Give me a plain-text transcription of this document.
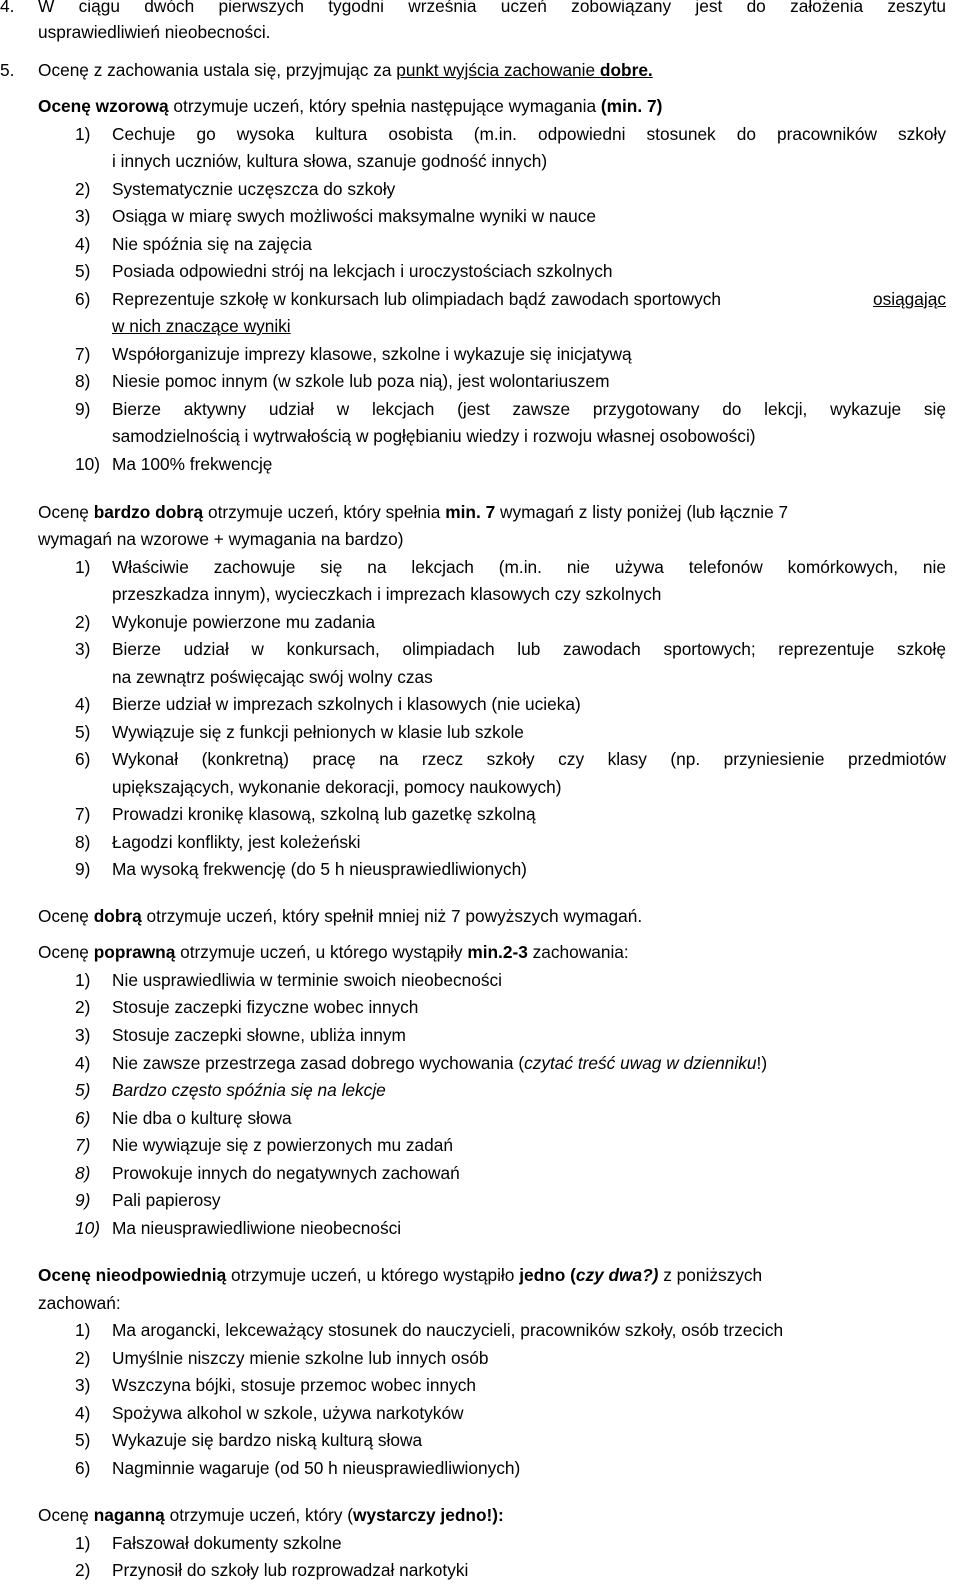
4. W ciągu dwóch pierwszych tygodni września uczeń zobowiązany jest do założenia zeszytu
usprawiedliwień nieobecności.
5. Ocenę z zachowania ustala się, przyjmując za punkt wyjścia zachowanie dobre.
Ocenę wzorową otrzymuje uczeń, który spełnia następujące wymagania (min. 7)
1) Cechuje go wysoka kultura osobista (m.in. odpowiedni stosunek do pracowników szkoły
i innych uczniów, kultura słowa, szanuje godność innych)
2) Systematycznie uczęszcza do szkoły
3) Osiąga w miarę swych możliwości maksymalne wyniki w nauce
4) Nie spóźnia się na zajęcia
5) Posiada odpowiedni strój na lekcjach i uroczystościach szkolnych
6) Reprezentuje szkołę w konkursach lub olimpiadach bądź zawodach sportowych	osiągając
w nich znaczące wyniki
7) Współorganizuje imprezy klasowe, szkolne i wykazuje się inicjatywą
8) Niesie pomoc innym (w szkole lub poza nią), jest wolontariuszem
9) Bierze aktywny udział w lekcjach (jest zawsze przygotowany do lekcji, wykazuje się
samodzielnością i wytrwałością w pogłębianiu wiedzy i rozwoju własnej osobowości)
10) Ma 100% frekwencję
Ocenę bardzo dobrą otrzymuje uczeń, który spełnia min. 7 wymagań z listy poniżej (lub łącznie 7
wymagań na wzorowe + wymagania na bardzo)
1) Właściwie zachowuje się na lekcjach (m.in. nie używa telefonów komórkowych, nie
przeszkadza innym), wycieczkach i imprezach klasowych czy szkolnych
2) Wykonuje powierzone mu zadania
3) Bierze udział w konkursach, olimpiadach lub zawodach sportowych; reprezentuje szkołę
na zewnątrz poświęcając swój wolny czas
4) Bierze udział w imprezach szkolnych i klasowych (nie ucieka)
5) Wywiązuje się z funkcji pełnionych w klasie lub szkole
6) Wykonał (konkretną) pracę na rzecz szkoły czy klasy (np. przyniesienie przedmiotów
upiększających, wykonanie dekoracji, pomocy naukowych)
7) Prowadzi kronikę klasową, szkolną lub gazetkę szkolną
8) Łagodzi konflikty, jest koleżeński
9) Ma wysoką frekwencję (do 5 h nieusprawiedliwionych)
Ocenę dobrą otrzymuje uczeń, który spełnił mniej niż 7 powyższych wymagań.
Ocenę poprawną otrzymuje uczeń, u którego wystąpiły min.2-3 zachowania:
1) Nie usprawiedliwia w terminie swoich nieobecności
2) Stosuje zaczepki fizyczne wobec innych
3) Stosuje zaczepki słowne, ubliża innym
4) Nie zawsze przestrzega zasad dobrego wychowania (czytać treść uwag w dzienniku!)
5) Bardzo często spóźnia się na lekcje
6) Nie dba o kulturę słowa
7) Nie wywiązuje się z powierzonych mu zadań
8) Prowokuje innych do negatywnych zachowań
9) Pali papierosy
10) Ma nieusprawiedliwione nieobecności
Ocenę nieodpowiednią otrzymuje uczeń, u którego wystąpiło jedno (czy dwa?) z poniższych
zachowań:
1) Ma arogancki, lekceważący stosunek do nauczycieli, pracowników szkoły, osób trzecich
2) Umyślnie niszczy mienie szkolne lub innych osób
3) Wszczyna bójki, stosuje przemoc wobec innych
4) Spożywa alkohol w szkole, używa narkotyków
5) Wykazuje się bardzo niską kulturą słowa
6) Nagminnie wagaruje (od 50 h nieusprawiedliwionych)
Ocenę naganną otrzymuje uczeń, który (wystarczy jedno!):
1) Fałszował dokumenty szkolne
2) Przynosił do szkoły lub rozprowadzał narkotyki
